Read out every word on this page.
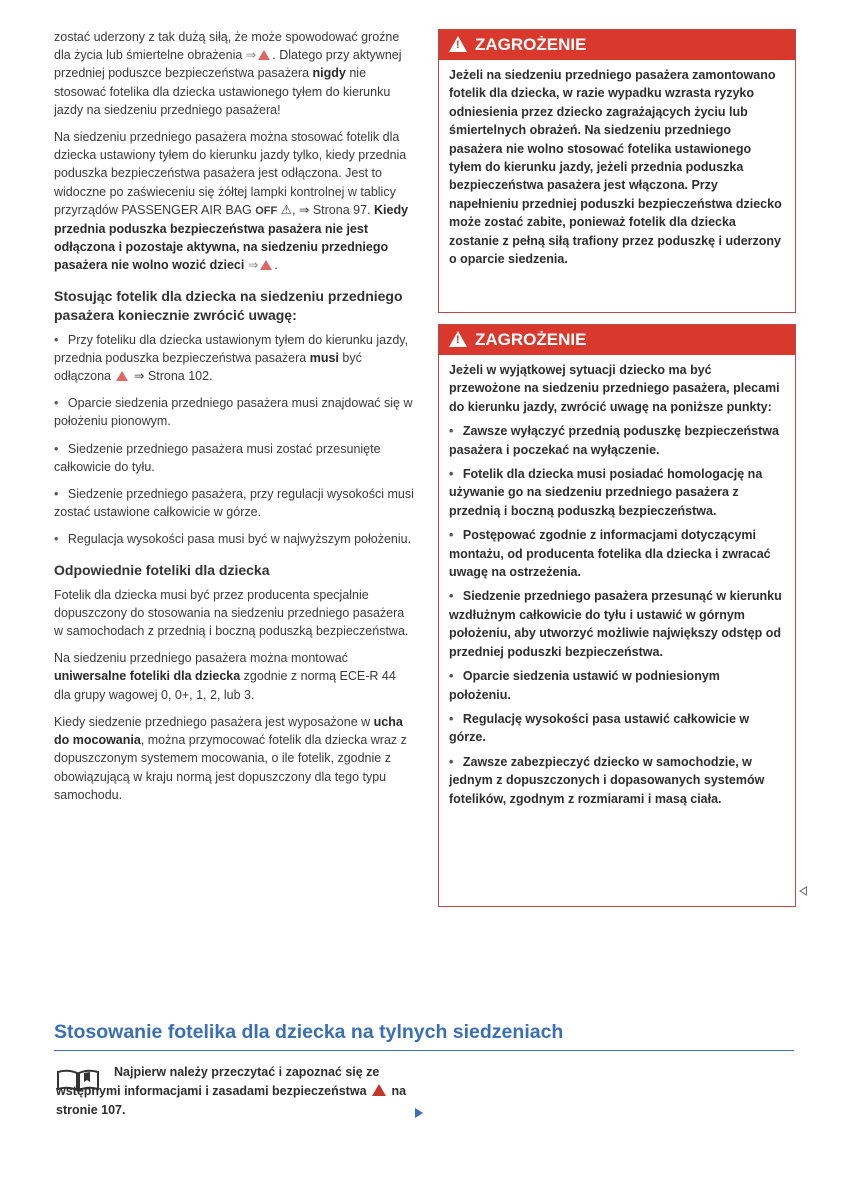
zostać uderzony z tak dużą siłą, że może spowodować groźne dla życia lub śmiertelne obrażenia ⇒ . Dlatego przy aktywnej przedniej poduszce bezpieczeństwa pasażera nigdy nie stosować fotelika dla dziecka ustawionego tyłem do kierunku jazdy na siedzeniu przedniego pasażera!

Na siedzeniu przedniego pasażera można stosować fotelik dla dziecka ustawiony tyłem do kierunku jazdy tylko, kiedy przednia poduszka bezpieczeństwa pasażera jest odłączona. Jest to widoczne po zaświeceniu się żółtej lampki kontrolnej w tablicy przyrządów PASSENGER AIR BAG OFF ⚠, ⇒ Strona 97. Kiedy przednia poduszka bezpieczeństwa pasażera nie jest odłączona i pozostaje aktywna, na siedzeniu przedniego pasażera nie wolno wozić dzieci ⇒ .

Stosując fotelik dla dziecka na siedzeniu przedniego pasażera koniecznie zwrócić uwagę:
• Przy foteliku dla dziecka ustawionym tyłem do kierunku jazdy, przednia poduszka bezpieczeństwa pasażera musi być odłączona ⇒ Strona 102.
• Oparcie siedzenia przedniego pasażera musi znajdować się w położeniu pionowym.
• Siedzenie przedniego pasażera musi zostać przesunięte całkowicie do tyłu.
• Siedzenie przedniego pasażera, przy regulacji wysokości musi zostać ustawione całkowicie w górze.
• Regulacja wysokości pasa musi być w najwyższym położeniu.
Odpowiednie foteliki dla dziecka

Fotelik dla dziecka musi być przez producenta specjalnie dopuszczony do stosowania na siedzeniu przedniego pasażera w samochodach z przednią i boczną poduszką bezpieczeństwa.

Na siedzeniu przedniego pasażera można montować uniwersalne foteliki dla dziecka zgodnie z normą ECE-R 44 dla grupy wagowej 0, 0+, 1, 2, lub 3.

Kiedy siedzenie przedniego pasażera jest wyposażone w ucha do mocowania, można przymocować fotelik dla dziecka wraz z dopuszczonym systemem mocowania, o ile fotelik, zgodnie z obowiązującą w kraju normą jest dopuszczony dla tego typu samochodu.

!ZAGROŻENIE

Jeżeli na siedzeniu przedniego pasażera zamontowano fotelik dla dziecka, w razie wypadku wzrasta ryzyko odniesienia przez dziecko zagrażających życiu lub śmiertelnych obrażeń. Na siedzeniu przedniego pasażera nie wolno stosować fotelika ustawionego tyłem do kierunku jazdy, jeżeli przednia poduszka bezpieczeństwa pasażera jest włączona. Przy napełnieniu przedniej poduszki bezpieczeństwa dziecko może zostać zabite, ponieważ fotelik dla dziecka zostanie z pełną siłą trafiony przez poduszkę i uderzony o oparcie siedzenia.

!ZAGROŻENIE

Jeżeli w wyjątkowej sytuacji dziecko ma być przewożone na siedzeniu przedniego pasażera, plecami do kierunku jazdy, zwrócić uwagę na poniższe punkty:

• Zawsze wyłączyć przednią poduszkę bezpieczeństwa pasażera i poczekać na wyłączenie.
• Fotelik dla dziecka musi posiadać homologację na używanie go na siedzeniu przedniego pasażera z przednią i boczną poduszką bezpieczeństwa.
• Postępować zgodnie z informacjami dotyczącymi montażu, od producenta fotelika dla dziecka i zwracać uwagę na ostrzeżenia.
• Siedzenie przedniego pasażera przesunąć w kierunku wzdłużnym całkowicie do tyłu i ustawić w górnym położeniu, aby utworzyć możliwie największy odstęp od przedniej poduszki bezpieczeństwa.
• Oparcie siedzenia ustawić w podniesionym położeniu.
• Regulację wysokości pasa ustawić całkowicie w górze.
• Zawsze zabezpieczyć dziecko w samochodzie, w jednym z dopuszczonych i dopasowanych systemów fotelików, zgodnym z rozmiarami i masą ciała.
Stosowanie fotelika dla dziecka na tylnych siedzeniach
Najpierw należy przeczytać i zapoznać się ze wstępnymi informacjami i zasadami bezpieczeństwa na stronie 107.
